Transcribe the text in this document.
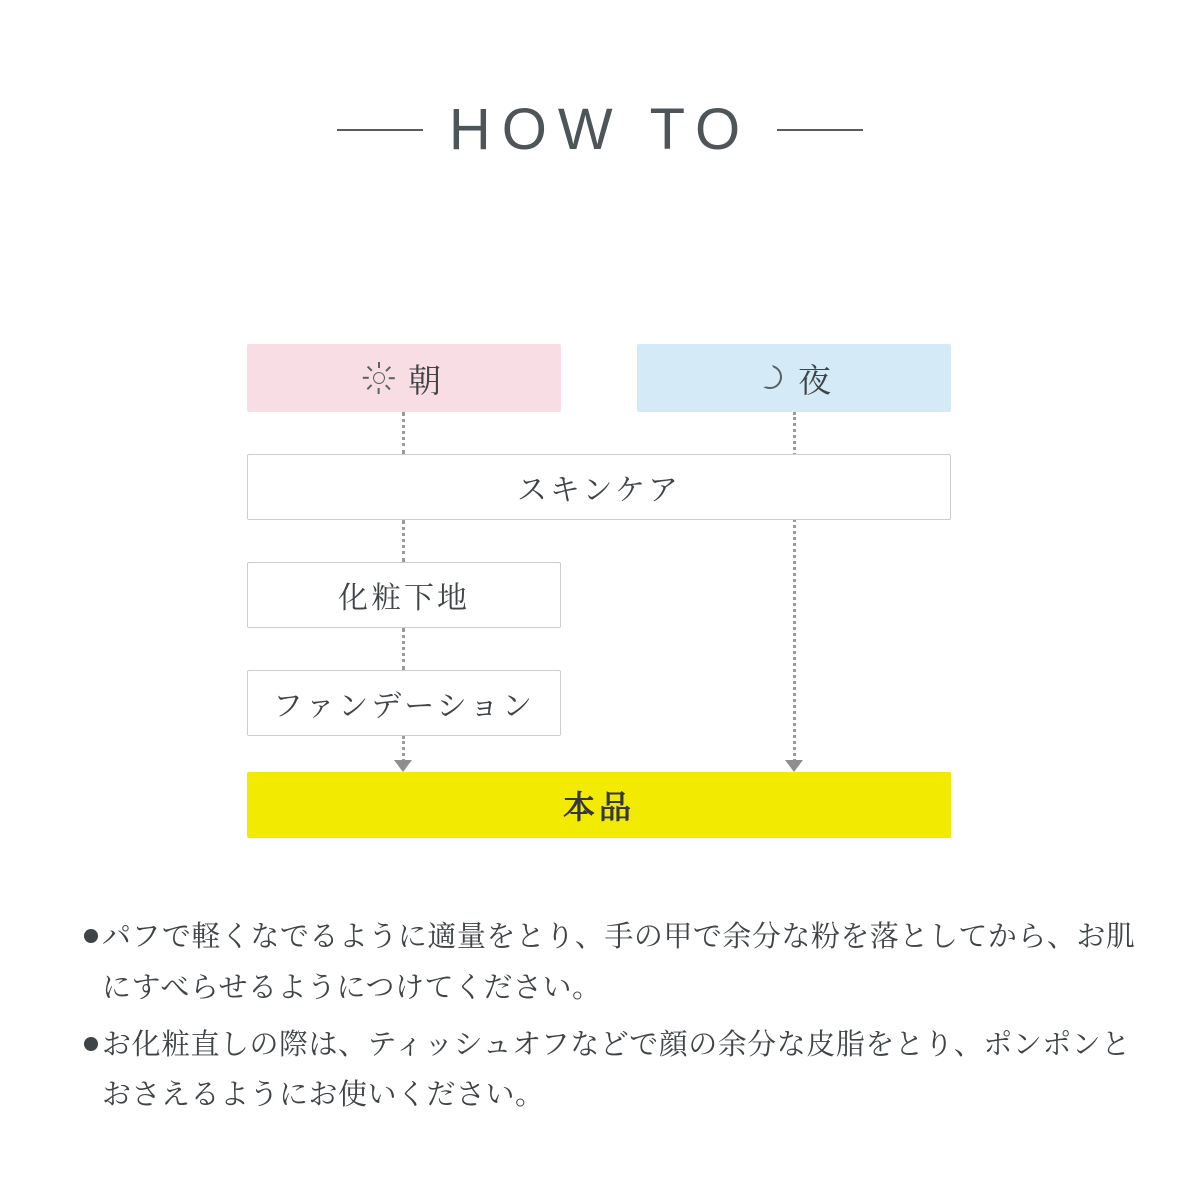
HOW TO
朝	夜
スキンケア
化粧下地
ファンデーション
本品
パフで軽くなでるように適量をとり、手の甲で余分な粉を落としてから、お肌にすべらせるようにつけてください。
お化粧直しの際は、ティッシュオフなどで顔の余分な皮脂をとり、ポンポンとおさえるようにお使いください。
